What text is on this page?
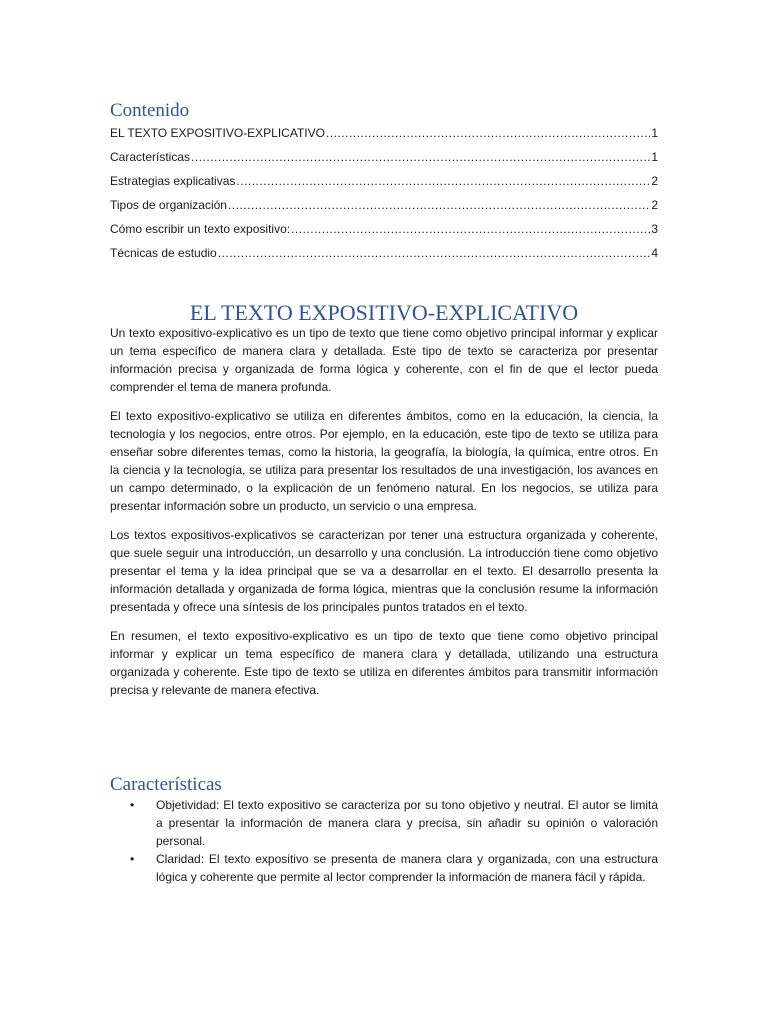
Contenido
EL TEXTO EXPOSITIVO-EXPLICATIVO .....	1
Características .....	1
Estrategias explicativas .....	2
Tipos de organización .....	2
Cómo escribir un texto expositivo: .....	3
Técnicas de estudio .....	4
EL TEXTO EXPOSITIVO-EXPLICATIVO

Un texto expositivo-explicativo es un tipo de texto que tiene como objetivo principal informar y explicar un tema específico de manera clara y detallada. Este tipo de texto se caracteriza por presentar información precisa y organizada de forma lógica y coherente, con el fin de que el lector pueda comprender el tema de manera profunda.

El texto expositivo-explicativo se utiliza en diferentes ámbitos, como en la educación, la ciencia, la tecnología y los negocios, entre otros. Por ejemplo, en la educación, este tipo de texto se utiliza para enseñar sobre diferentes temas, como la historia, la geografía, la biología, la química, entre otros. En la ciencia y la tecnología, se utiliza para presentar los resultados de una investigación, los avances en un campo determinado, o la explicación de un fenómeno natural. En los negocios, se utiliza para presentar información sobre un producto, un servicio o una empresa.

Los textos expositivos-explicativos se caracterizan por tener una estructura organizada y coherente, que suele seguir una introducción, un desarrollo y una conclusión. La introducción tiene como objetivo presentar el tema y la idea principal que se va a desarrollar en el texto. El desarrollo presenta la información detallada y organizada de forma lógica, mientras que la conclusión resume la información presentada y ofrece una síntesis de los principales puntos tratados en el texto.

En resumen, el texto expositivo-explicativo es un tipo de texto que tiene como objetivo principal informar y explicar un tema específico de manera clara y detallada, utilizando una estructura organizada y coherente. Este tipo de texto se utiliza en diferentes ámbitos para transmitir información precisa y relevante de manera efectiva.

Características
• Objetividad: El texto expositivo se caracteriza por su tono objetivo y neutral. El autor se limita a presentar la información de manera clara y precisa, sin añadir su opinión o valoración personal.
• Claridad: El texto expositivo se presenta de manera clara y organizada, con una estructura lógica y coherente que permite al lector comprender la información de manera fácil y rápida.
